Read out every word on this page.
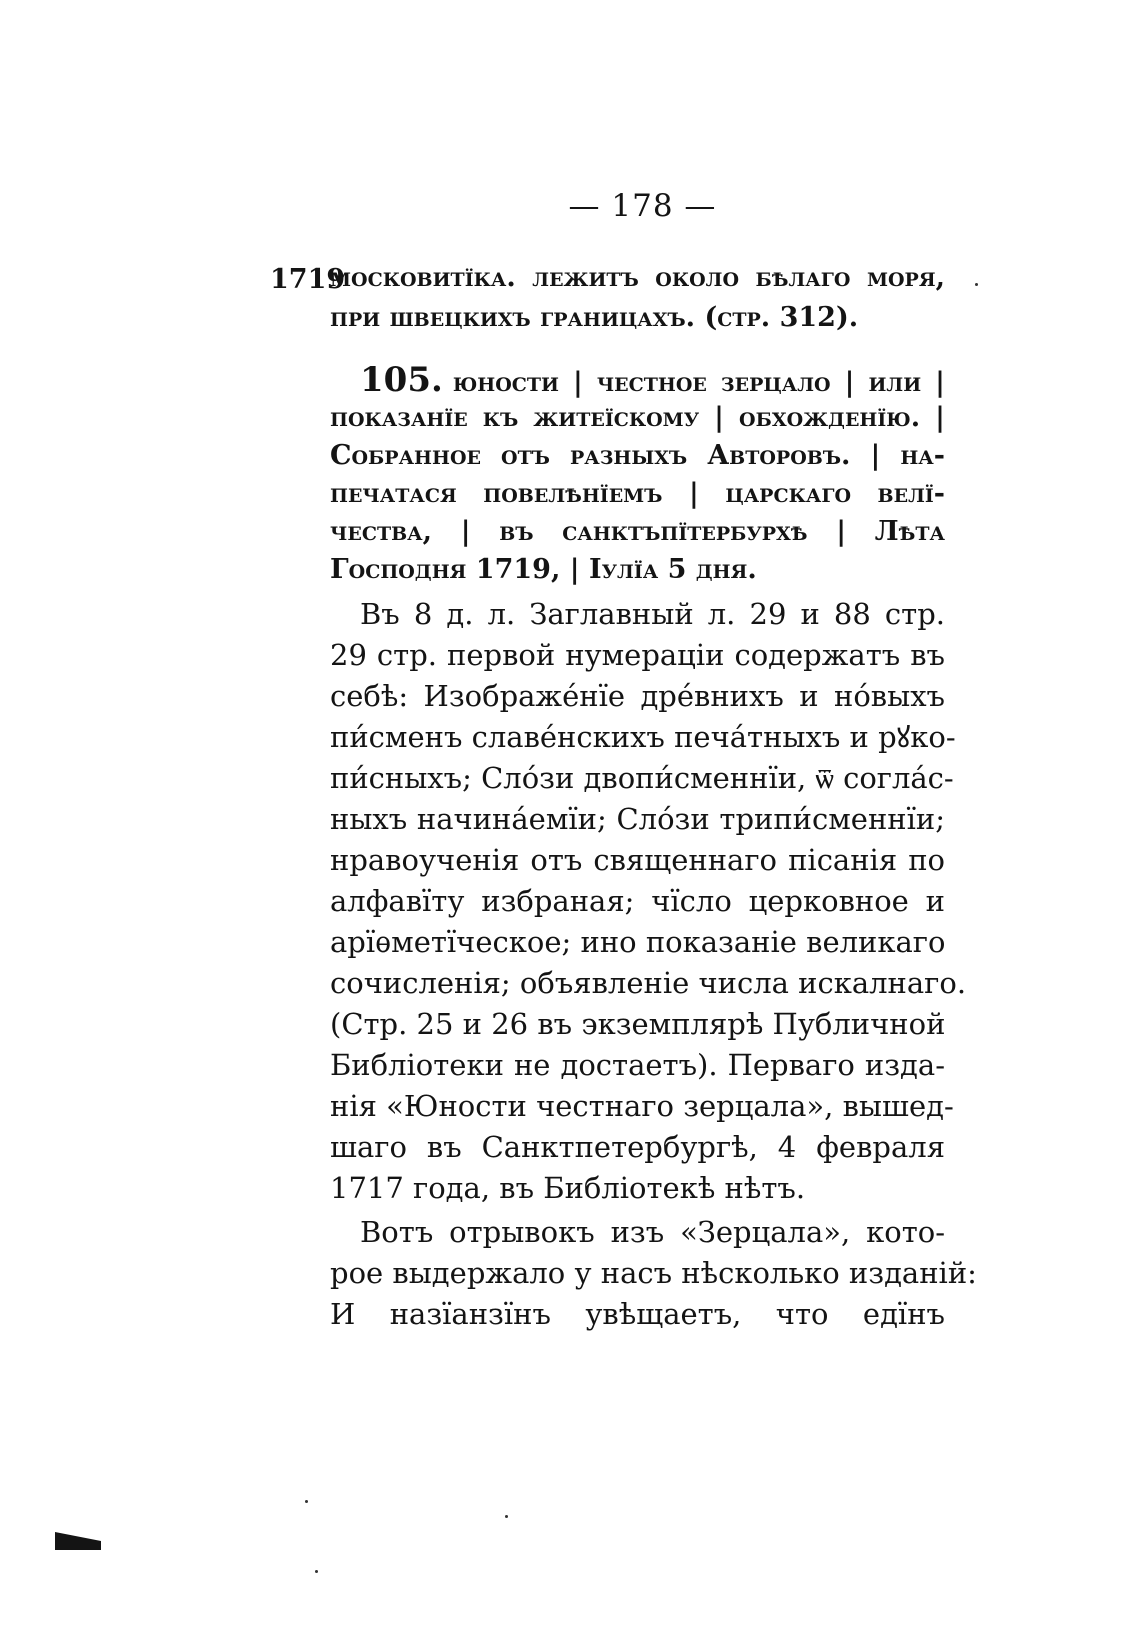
— 178 —
1719
московитїка. лежитъ около бѣлаго моря,
при швецкихъ границахъ. (стр. 312).
105. юности | честное зерцало | или |
показанїе къ житеїскому | обхожденїю. |
Собранное отъ разныхъ Авторовъ. | на-
печатася повелѣнїемъ | царскаго велї-
чества, | въ санктъпїтербурхѣ | Лѣта
Господня 1719, | Iулїа 5 дня.
Въ 8 д. л. Заглавный л. 29 и 88 стр.
29 стр. первой нумераціи содержатъ въ
себѣ: Изображе́нїе дре́вниxъ и но́выхъ
пи́сменъ славе́нскихъ печа́тныхъ и рꙋко-
пи́сныхъ; Сло́зи двопи́сменнїи, ѿ согла́с-
ныхъ начина́емїи; Сло́зи трипи́сменнїи;
нравоученія отъ священнаго пісанія по
алфавїту избраная; чїсло церковное и
арїѳметїческое; ино показаніе великаго
сочисленія; объявленіе числа искалнаго.
(Стр. 25 и 26 въ экземплярѣ Публичной
Библіотеки не достаетъ). Перваго изда-
нія «Юности честнаго зерцала», вышед-
шаго въ Санктпетербургѣ, 4 февраля
1717 года, въ Библіотекѣ нѣтъ.
Вотъ отрывокъ изъ «Зерцала», кото-
рое выдержало у насъ нѣсколько изданій:
И назїанзїнъ увѣщаетъ, что едїнъ
